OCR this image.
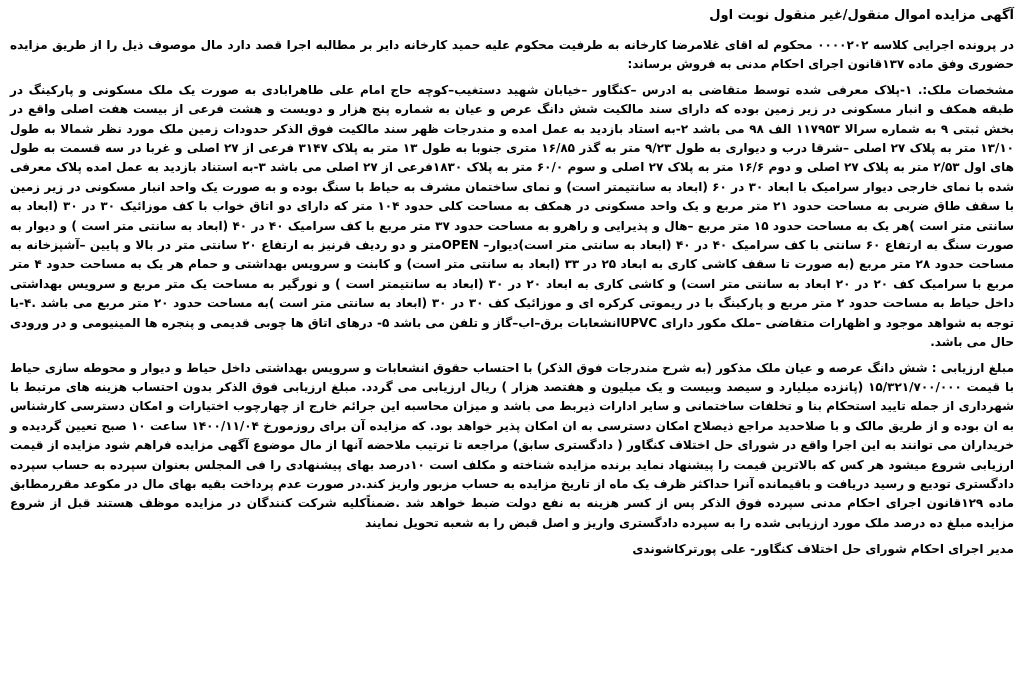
آگهی مزایده اموال منقول/غیر منقول نوبت اول
در پرونده اجرایی کلاسه ۰۰۰۰۲۰۲ محکوم له اقای غلامرضا کارخانه به طرفیت محکوم علیه حمید کارخانه دایر بر مطالبه اجرا قصد دارد مال موصوف ذیل را از طریق مزایده حضوری وفق ماده ۱۳۷قانون اجرای احکام مدنی به فروش برساند:
مشخصات ملک:. ۱-پلاک معرفی شده توسط متقاضی به ادرس –کنگاور –خیابان شهید دستغیب–کوچه حاج امام علی طاهرابادی به صورت یک ملک مسکونی و پارکینگ در طبقه همکف و انبار مسکونی در زیر زمین بوده که دارای سند مالکیت شش دانگ عرص و عیان به شماره پنج هزار و دویست و هشت فرعی از بیست هفت اصلی واقع در بخش ثبتی ۹ به شماره سرالا ۱۱۷۹۵۳ الف ۹۸ می باشد ۲-به استاد بازدید به عمل امده و مندرجات ظهر سند مالکیت فوق الذکر حدودات زمین ملک مورد نظر شمالا به طول ۱۳/۱۰ متر به پلاک ۲۷ اصلی –شرقا درب و دیواری به طول ۹/۲۳ متر به گذر ۱۶/۸۵ متری جنوبا به طول ۱۳ متر به پلاک ۳۱۴۷ فرعی از ۲۷ اصلی و غربا در سه قسمت به طول های اول ۲/۵۳ متر به پلاک ۲۷ اصلی و دوم ۱۶/۶ متر به پلاک ۲۷ اصلی و سوم ۶۰/۰ متر به پلاک ۱۸۳۰فرعی از ۲۷ اصلی می باشد ۳-به استناد بازدید به عمل امده پلاک معرفی شده با نمای خارجی دیوار سرامیک با ابعاد ۳۰ در ۶۰ (ابعاد به سانتیمتر است) و نمای ساختمان مشرف به حیاط با سنگ بوده و به صورت یک واحد انبار مسکونی در زیر زمین با سقف طاق ضربی به مساحت حدود ۲۱ متر مربع و یک واحد مسکونی در همکف به مساحت کلی حدود ۱۰۴ متر که دارای دو اتاق خواب با کف موزائیک ۳۰ در ۳۰ (ابعاد به سانتی متر است )هر یک به مساحت حدود ۱۵ متر مربع –هال و پذیرایی و راهرو به مساحت حدود ۳۷ متر مربع با کف سرامیک ۴۰ در ۴۰ (ابعاد به سانتی متر است ) و دیوار به صورت سنگ به ارتفاع ۶۰ سانتی با کف سرامیک ۴۰ در ۴۰ (ابعاد به سانتی متر است)دیوار– OPENمتر و دو ردیف قرنیز به ارتفاع ۲۰ سانتی متر در بالا و پایین –آشپزخانه به مساحت حدود ۲۸ متر مربع (به صورت تا سقف کاشی کاری به ابعاد ۲۵ در ۳۳ (ابعاد به سانتی متر است) و کابنت و سرویس بهداشتی و حمام هر یک به مساحت حدود ۴ متر مربع با سرامیک کف ۲۰ در ۲۰ ابعاد به سانتی متر است) و کاشی کاری به ابعاد ۲۰ در ۳۰ (ابعاد به سانتیمتر است ) و نورگیر به مساحت یک متر مربع و سرویس بهداشتی داخل حیاط به مساحت حدود ۲ متر مربع و پارکینگ با در ریموتی کرکره ای و موزائیک کف ۳۰ در ۳۰ (ابعاد به سانتی متر است )به مساحت حدود ۲۰ متر مربع می باشد .۴-با توجه به شواهد موجود و اظهارات متقاضی –ملک مکور دارای UPVCانشعابات برق–اب–گاز و تلفن می باشد ۵- درهای اتاق ها چوبی قدیمی و پنجره ها المینیومی و در ورودی حال می باشد.
مبلغ ارزیابی : شش دانگ عرصه و عیان ملک مذکور (به شرح مندرجات فوق الذکر) با احتساب حقوق انشعابات و سرویس بهداشتی داخل حیاط و دیوار و محوطه سازی حیاط با قیمت ۱۵/۳۲۱/۷۰۰/۰۰۰ (پانزده میلیارد و سیصد وبیست و یک میلیون و هفتصد هزار ) ریال ارزیابی می گردد. مبلغ ارزیابی فوق الذکر بدون احتساب هزینه های مرتبط با شهرداری از جمله تایید استحکام بنا و تخلفات ساختمانی و سایر ادارات ذیربط می باشد و میزان محاسبه این جرائم خارج از چهارچوب اختیارات و امکان دسترسی کارشناس به ان بوده و از طریق مالک و با صلاحدید مراجع ذیصلاح امکان دسترسی به ان امکان پذیر خواهد بود. که مزایده آن برای روزمورخ ۱۴۰۰/۱۱/۰۴ ساعت ۱۰ صبح تعیین گردیده و خریداران می توانند به این اجرا واقع در شورای حل اختلاف کنگاور ( دادگستری سابق) مراجعه تا ترتیب ملاحضه آنها از مال موضوع آگهی مزایده فراهم شود مزایده از قیمت ارزیابی شروع میشود هر کس که بالاترین قیمت را پیشنهاد نماید برنده مزایده شناخته و مکلف است ۱۰درصد بهای پیشنهادی را فی المجلس بعنوان سپرده به حساب سپرده دادگستری تودیع و رسید دریافت و باقیمانده آنرا حداکثر ظرف یک ماه از تاریخ مزایده به حساب مزبور واریز کند.در صورت عدم پرداخت بقیه بهای مال در مکوعد مقررمطابق ماده ۱۲۹قانون اجرای احکام مدنی سپرده فوق الذکر پس از کسر هزینه به نفع دولت ضبط خواهد شد .ضمناًکلیه شرکت کنندگان در مزایده موظف هستند قبل از شروع مزایده مبلغ ده درصد ملک مورد ارزیابی شده را به سپرده دادگستری واریز و اصل قبض را به شعبه تحویل نمایند
مدیر اجرای احکام شورای حل اختلاف کنگاور- علی پورترکاشوندی
